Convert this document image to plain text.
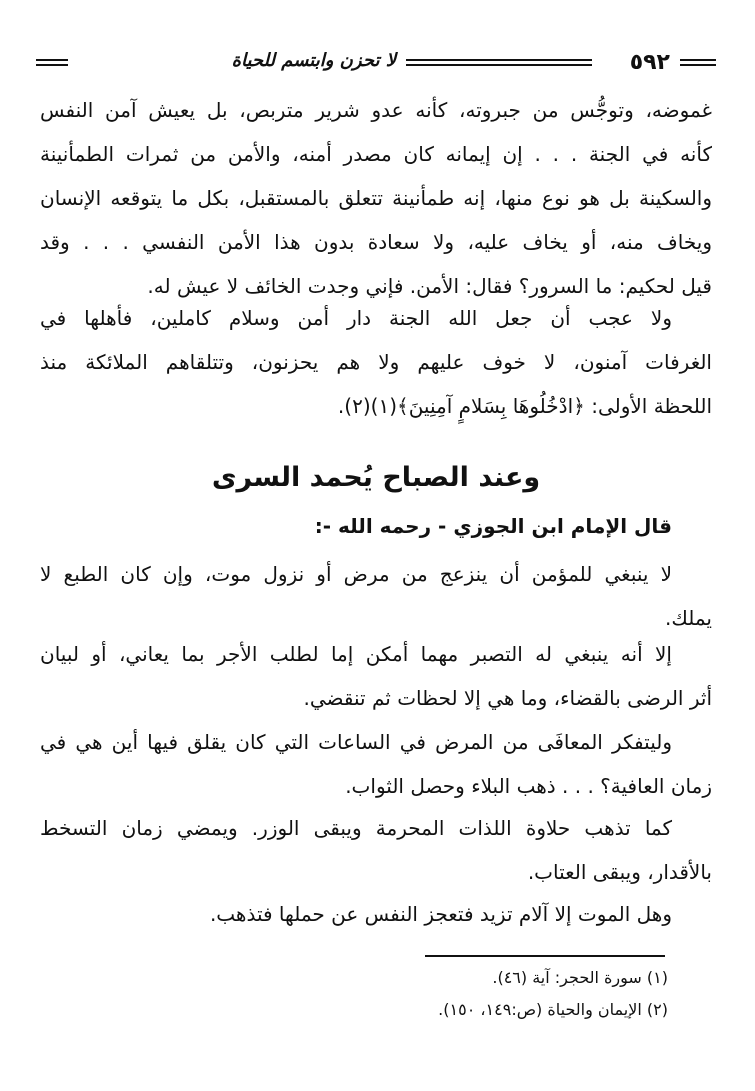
٥٩٢
لا تحزن وابتسم للحياة
غموضه، وتوجُّس من جبروته، كأنه عدو شرير متربص، بل يعيش آمن النفس
كأنه في الجنة . . . إن إيمانه كان مصدر أمنه، والأمن من ثمرات الطمأنينة
والسكينة بل هو نوع منها، إنه طمأنينة تتعلق بالمستقبل، بكل ما يتوقعه الإنسان
ويخاف منه، أو يخاف عليه، ولا سعادة بدون هذا الأمن النفسي . . . وقد
قيل لحكيم: ما السرور؟ فقال: الأمن. فإني وجدت الخائف لا عيش له.
ولا عجب أن جعل الله الجنة دار أمن وسلام كاملين، فأهلها في
الغرفات آمنون، لا خوف عليهم ولا هم يحزنون، وتتلقاهم الملائكة منذ
اللحظة الأولى: ﴿ادْخُلُوهَا بِسَلامٍ آمِنِينَ﴾(١)(٢).
وعند الصباح يُحمد السرى
قال الإمام ابن الجوزي - رحمه الله -:
لا ينبغي للمؤمن أن ينزعج من مرض أو نزول موت، وإن كان الطبع لا
يملك.
إلا أنه ينبغي له التصبر مهما أمكن إما لطلب الأجر بما يعاني، أو لبيان
أثر الرضى بالقضاء، وما هي إلا لحظات ثم تنقضي.
وليتفكر المعافَى من المرض في الساعات التي كان يقلق فيها أين هي في
زمان العافية؟ . . . ذهب البلاء وحصل الثواب.
كما تذهب حلاوة اللذات المحرمة ويبقى الوزر. ويمضي زمان التسخط
بالأقدار، ويبقى العتاب.
وهل الموت إلا آلام تزيد فتعجز النفس عن حملها فتذهب.
(١) سورة الحجر: آية (٤٦).
(٢) الإيمان والحياة (ص:١٤٩، ١٥٠).
